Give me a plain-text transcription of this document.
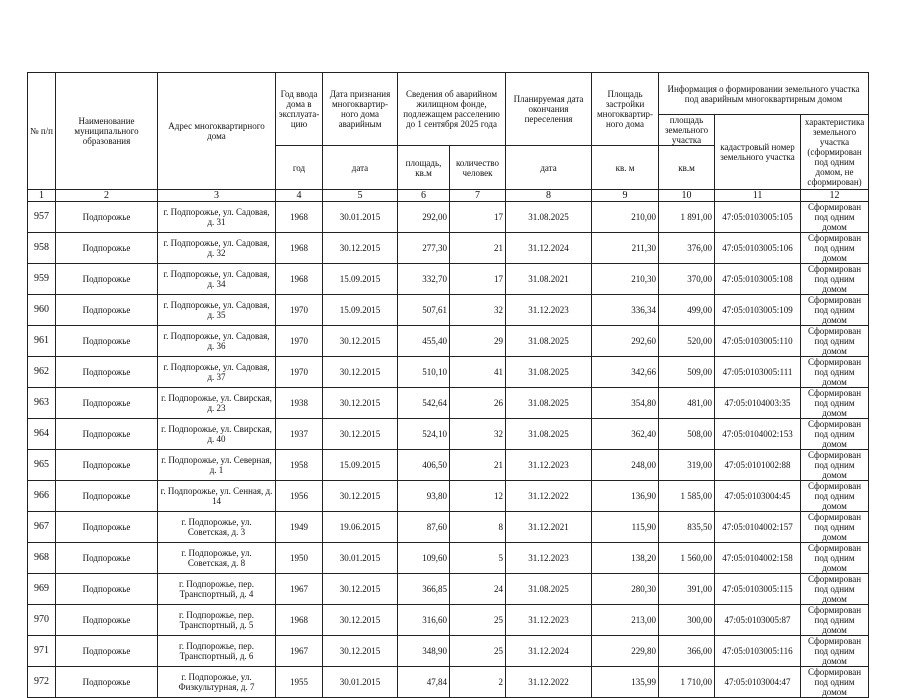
№ п/п	Наименование муниципального образования	Адрес многоквартирного дома	Год ввода дома в эксплуата-цию	Дата признания многоквартир-ного дома аварийным	Сведения об аварийном жилищном фонде, подлежащем расселению до 1 сентября 2025 года		Планируемая дата окончания переселения	Площадь застройки многоквартир-ного дома	Информация о формировании земельного участка под аварийным многоквартирным домом		
									площадь земельного участка	кадастровый номер земельного участка	характеристика земельного участка (сформирован под одним домом, не сформирован)
			год	дата	площадь, кв.м	количество человек	дата	кв. м	кв.м		
1	2	3	4	5	6	7	8	9	10	11	12
957	Подпорожье	г. Подпорожье, ул. Садовая, д. 31	1968	30.01.2015	292,00	17	31.08.2025	210,00	1 891,00	47:05:0103005:105	Сформирован под одним домом
958	Подпорожье	г. Подпорожье, ул. Садовая, д. 32	1968	30.12.2015	277,30	21	31.12.2024	211,30	376,00	47:05:0103005:106	Сформирован под одним домом
959	Подпорожье	г. Подпорожье, ул. Садовая, д. 34	1968	15.09.2015	332,70	17	31.08.2021	210,30	370,00	47:05:0103005:108	Сформирован под одним домом
960	Подпорожье	г. Подпорожье, ул. Садовая, д. 35	1970	15.09.2015	507,61	32	31.12.2023	336,34	499,00	47:05:0103005:109	Сформирован под одним домом
961	Подпорожье	г. Подпорожье, ул. Садовая, д. 36	1970	30.12.2015	455,40	29	31.08.2025	292,60	520,00	47:05:0103005:110	Сформирован под одним домом
962	Подпорожье	г. Подпорожье, ул. Садовая, д. 37	1970	30.12.2015	510,10	41	31.08.2025	342,66	509,00	47:05:0103005:111	Сформирован под одним домом
963	Подпорожье	г. Подпорожье, ул. Свирская, д. 23	1938	30.12.2015	542,64	26	31.08.2025	354,80	481,00	47:05:0104003:35	Сформирован под одним домом
964	Подпорожье	г. Подпорожье, ул. Свирская, д. 40	1937	30.12.2015	524,10	32	31.08.2025	362,40	508,00	47:05:0104002:153	Сформирован под одним домом
965	Подпорожье	г. Подпорожье, ул. Северная, д. 1	1958	15.09.2015	406,50	21	31.12.2023	248,00	319,00	47:05:0101002:88	Сформирован под одним домом
966	Подпорожье	г. Подпорожье, ул. Сенная, д. 14	1956	30.12.2015	93,80	12	31.12.2022	136,90	1 585,00	47:05:0103004:45	Сформирован под одним домом
967	Подпорожье	г. Подпорожье, ул. Советская, д. 3	1949	19.06.2015	87,60	8	31.12.2021	115,90	835,50	47:05:0104002:157	Сформирован под одним домом
968	Подпорожье	г. Подпорожье, ул. Советская, д. 8	1950	30.01.2015	109,60	5	31.12.2023	138,20	1 560,00	47:05:0104002:158	Сформирован под одним домом
969	Подпорожье	г. Подпорожье, пер. Транспортный, д. 4	1967	30.12.2015	366,85	24	31.08.2025	280,30	391,00	47:05:0103005:115	Сформирован под одним домом
970	Подпорожье	г. Подпорожье, пер. Транспортный, д. 5	1968	30.12.2015	316,60	25	31.12.2023	213,00	300,00	47:05:0103005:87	Сформирован под одним домом
971	Подпорожье	г. Подпорожье, пер. Транспортный, д. 6	1967	30.12.2015	348,90	25	31.12.2024	229,80	366,00	47:05:0103005:116	Сформирован под одним домом
972	Подпорожье	г. Подпорожье, ул. Физкультурная, д. 7	1955	30.01.2015	47,84	2	31.12.2022	135,99	1 710,00	47:05:0103004:47	Сформирован под одним домом
